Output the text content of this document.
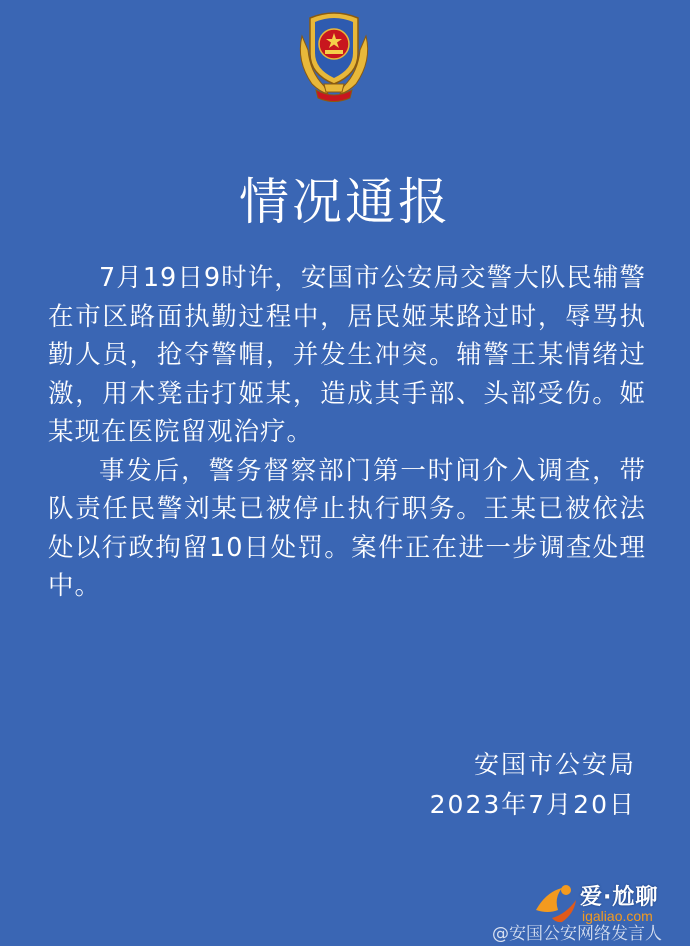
情况通报

7月19日9时许，安国市公安局交警大队民辅警在市区路面执勤过程中，居民姬某路过时，辱骂执勤人员，抢夺警帽，并发生冲突。辅警王某情绪过激，用木凳击打姬某，造成其手部、头部受伤。姬某现在医院留观治疗。

事发后，警务督察部门第一时间介入调查，带队责任民警刘某已被停止执行职务。王某已被依法处以行政拘留10日处罚。案件正在进一步调查处理中。

安国市公安局
2023年7月20日
爱·尬聊
igaliao.com
@安国公安网络发言人
